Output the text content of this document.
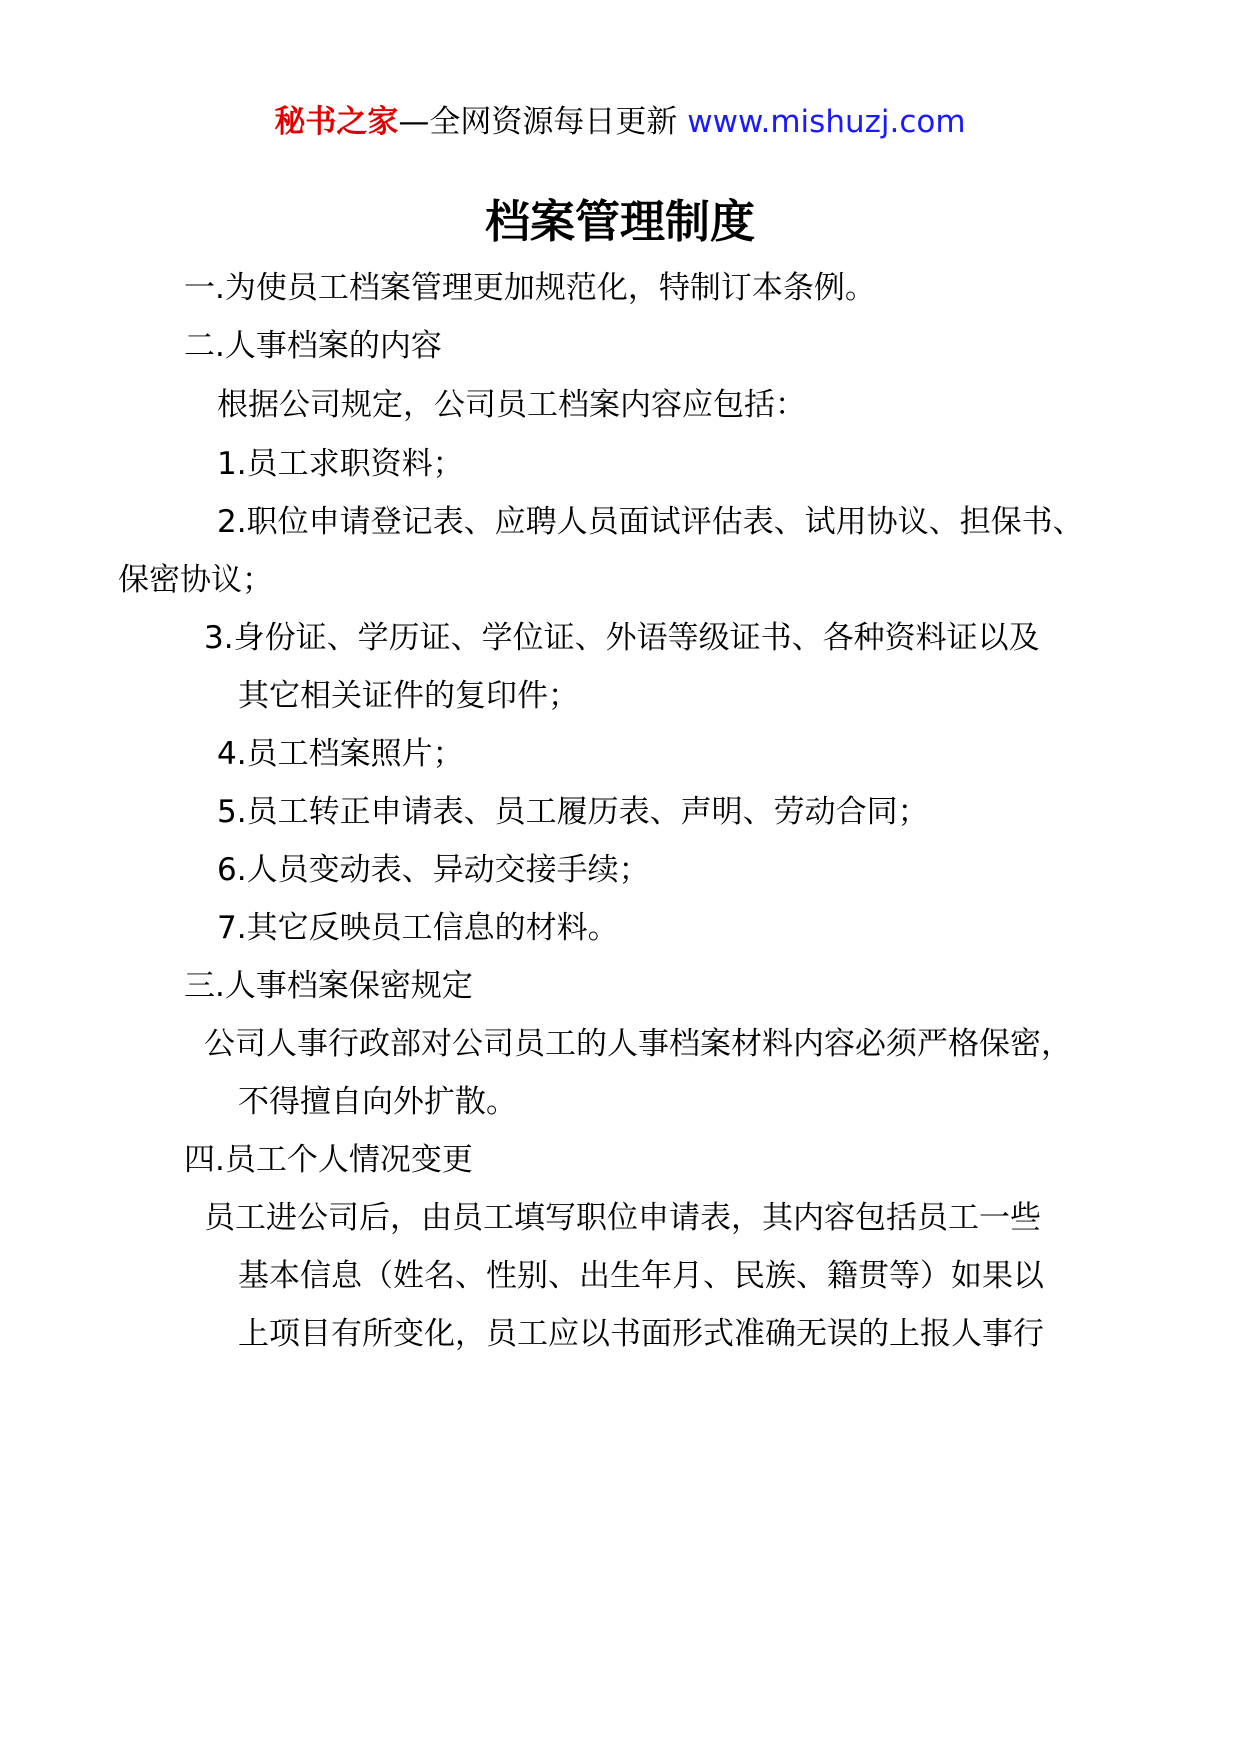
秘书之家—全网资源每日更新 www.mishuzj.com
档案管理制度
一.为使员工档案管理更加规范化，特制订本条例。
二.人事档案的内容
根据公司规定，公司员工档案内容应包括：
1.员工求职资料；
2.职位申请登记表、应聘人员面试评估表、试用协议、担保书、
保密协议；
3.身份证、学历证、学位证、外语等级证书、各种资料证以及
其它相关证件的复印件；
4.员工档案照片；
5.员工转正申请表、员工履历表、声明、劳动合同；
6.人员变动表、异动交接手续；
7.其它反映员工信息的材料。
三.人事档案保密规定
公司人事行政部对公司员工的人事档案材料内容必须严格保密，
不得擅自向外扩散。
四.员工个人情况变更
员工进公司后，由员工填写职位申请表，其内容包括员工一些
基本信息（姓名、性别、出生年月、民族、籍贯等）如果以
上项目有所变化，员工应以书面形式准确无误的上报人事行
